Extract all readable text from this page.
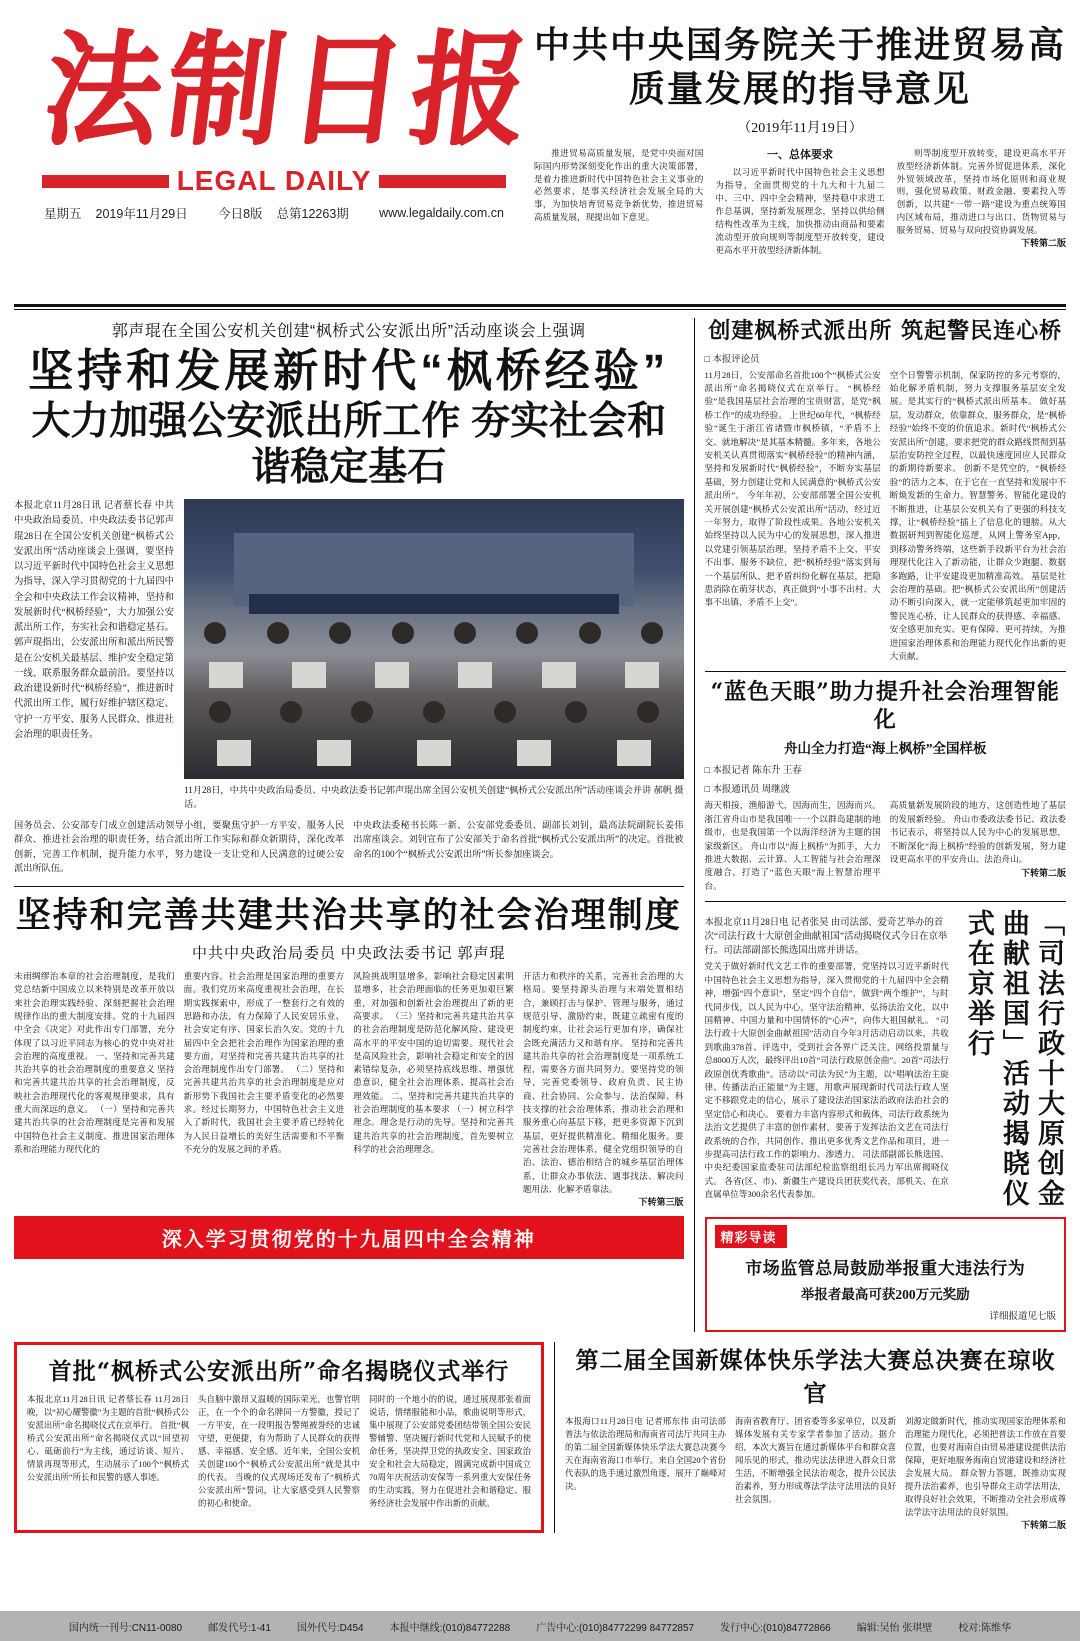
法制日报
LEGAL DAILY
星期五 2019年11月29日 今日8版 总第12263期 www.legaldaily.com.cn
中共中央国务院关于推进贸易高质量发展的指导意见
（2019年11月19日）
推进贸易高质量发展，是党中央面对国际国内形势深刻变化作出的重大决策部署，是着力推进新时代中国特色社会主义事业的必然要求，是事关经济社会发展全局的大事，为加快培育贸易竞争新优势，推进贸易高质量发展，现提出如下意见。
一、总体要求
以习近平新时代中国特色社会主义思想为指导，全面贯彻党的十九大和十九届二中、三中、四中全会精神，坚持稳中求进工作总基调，坚持新发展理念，坚持以供给侧结构性改革为主线，加快推动由商品和要素流动型开放向规则等制度型开放转变，建设更高水平开放型经济新体制。
则等制度型开放转变，建设更高水平开放型经济新体制。完善外贸促进体系，深化外贸领域改革，坚持市场化原则和商业规则，强化贸易政策、财政金融、要素投入等创新，以共建“一带一路”建设为重点统筹国内区域布局，推动进口与出口、货物贸易与服务贸易、贸易与双向投资协调发展。
下转第二版
郭声琨在全国公安机关创建“枫桥式公安派出所”活动座谈会上强调
坚持和发展新时代“枫桥经验”
大力加强公安派出所工作 夯实社会和谐稳定基石
本报北京11月28日讯 记者蔡长春 中共中央政治局委员、中央政法委书记郭声琨28日在全国公安机关创建“枫桥式公安派出所”活动座谈会上强调，要坚持以习近平新时代中国特色社会主义思想为指导，深入学习贯彻党的十九届四中全会和中央政法工作会议精神，坚持和发展新时代“枫桥经验”，大力加强公安派出所工作，夯实社会和谐稳定基石。 郭声琨指出，公安派出所和派出所民警是在公安机关最基层、维护安全稳定第一线、联系服务群众最前沿。要坚持以政治建设新时代“枫桥经验”，推进新时代派出所工作，履行好维护辖区稳定、守护一方平安、服务人民群众、推进社会治理的职责任务。
郝帆 摄
11月28日，中共中央政治局委员、中央政法委书记郭声琨出席全国公安机关创建“枫桥式公安派出所”活动座谈会并讲话。
国务员会、公安部专门成立创建活动领导小组，要聚焦守护一方平安、服务人民群众、推进社会治理的职责任务，结合派出所工作实际和群众新期待，深化改革创新，完善工作机制，提升能力水平，努力建设一支让党和人民满意的过硬公安派出所队伍。
中央政法委秘书长陈一新、公安部党委委员、副部长刘钊，最高法院副院长姜伟出席座谈会。刘钊宣布了公安部关于命名首批“枫桥式公安派出所”的决定。首批被命名的100个“枫桥式公安派出所”所长参加座谈会。
坚持和完善共建共治共享的社会治理制度
中共中央政治局委员 中央政法委书记 郭声琨
未雨绸缪治本章的社会治理制度，是我们党总结新中国成立以来特别是改革开放以来社会治理实践经验、深刻把握社会治理规律作出的重大制度安排。党的十九届四中全会《决定》对此作出专门部署，充分体现了以习近平同志为核心的党中央对社会治理的高度重视。 一、坚持和完善共建共治共享的社会治理制度的重要意义 坚持和完善共建共治共享的社会治理制度，反映社会治理现代化的客观规律要求，具有重大而深远的意义。 （一）坚持和完善共建共治共享的社会治理制度是完善和发展中国特色社会主义制度、推进国家治理体系和治理能力现代化的
重要内容。社会治理是国家治理的重要方面。我们党历来高度重视社会治理，在长期实践探索中，形成了一整套行之有效的思路和办法，有力保障了人民安居乐业、社会安定有序、国家长治久安。党的十九届四中全会把社会治理作为国家治理的重要方面，对坚持和完善共建共治共享的社会治理制度作出专门部署。 （二）坚持和完善共建共治共享的社会治理制度是应对新形势下我国社会主要矛盾变化的必然要求。经过长期努力，中国特色社会主义进入了新时代，我国社会主要矛盾已经转化为人民日益增长的美好生活需要和不平衡不充分的发展之间的矛盾。
风险挑战明显增多，影响社会稳定因素明显增多，社会治理面临的任务更加艰巨繁重，对加强和创新社会治理提出了新的更高要求。 （三）坚持和完善共建共治共享的社会治理制度是防范化解风险、建设更高水平的平安中国的迫切需要。现代社会是高风险社会，影响社会稳定和安全的因素错综复杂，必须坚持底线思维、增强忧患意识，健全社会治理体系、提高社会治理效能。 二、坚持和完善共建共治共享的社会治理制度的基本要求 （一）树立科学理念。理念是行动的先导。坚持和完善共建共治共享的社会治理制度，首先要树立科学的社会治理理念。
开活力和秩序的关系，完善社会治理的大格局。要坚持源头治理与末端处置相结合，兼顾打击与保护、管理与服务，通过规范引导、激励约束，既建立疏密有度的制度约束，让社会运行更加有序，确保社会既充满活力又和谐有序。 坚持和完善共建共治共享的社会治理制度是一项系统工程，需要各方面共同努力。要坚持党的领导，完善党委领导、政府负责、民主协商、社会协同、公众参与、法治保障、科技支撑的社会治理体系，推动社会治理和服务重心向基层下移，把更多资源下沉到基层，更好提供精准化、精细化服务。要完善社会治理体系，健全党组织领导的自治、法治、德治相结合的城乡基层治理体系，让群众办事依法、遇事找法、解决问题用法、化解矛盾靠法。
下转第三版
深入学习贯彻党的十九届四中全会精神
创建枫桥式派出所 筑起警民连心桥
□ 本报评论员
11月28日，公安部命名首批100个“枫桥式公安派出所”命名揭晓仪式在京举行。 “枫桥经验”是我国基层社会治理的宝贵财富，是党“枫桥工作”的成功经验。 上世纪60年代，“枫桥经验”诞生于浙江省诸暨市枫桥镇，“矛盾不上交、就地解决”是其基本精髓。多年来，各地公安机关认真贯彻落实“枫桥经验”的精神内涵，坚持和发展新时代“枫桥经验”，不断夯实基层基础，努力创建让党和人民满意的“枫桥式公安派出所”。 今年年初，公安部部署全国公安机关开展创建“枫桥式公安派出所”活动，经过近一年努力，取得了阶段性成果。各地公安机关始终坚持以人民为中心的发展思想，深入推进以党建引领基层治理，坚持矛盾不上交、平安不出事、服务不缺位，把“枫桥经验”落实到每一个基层所队，把矛盾纠纷化解在基层，把隐患消除在萌芽状态，真正做到“小事不出村、大事不出镇、矛盾不上交”。
空个日警警示机制，保家防控的多元考察的，始化解矛盾机制，努力支撑服务基层安全发展。是其实行的“枫桥式派出所基本。 做好基层，发动群众，依靠群众，服务群众，是“枫桥经验”始终不变的价值追求。新时代“枫桥式公安派出所”创建，要求把党的群众路线贯彻到基层治安防控全过程，以最快速度回应人民群众的新期待新要求。 创新不是凭空的，“枫桥经验”的活力之本，在于它在一直坚持和发展中不断焕发新的生命力。智慧警务、智能化建设的不断推进，让基层公安机关有了更强的科技支撑，让“枫桥经验”插上了信息化的翅膀。从大数据研判到智能化巡逻，从网上警务室App，到移动警务终端，这些新手段新平台为社会治理现代化注入了新动能，让群众少跑腿、数据多跑路，让平安建设更加精准高效。 基层是社会治理的基础。把“枫桥式公安派出所”创建活动不断引向深入，就一定能够筑起更加牢固的警民连心桥，让人民群众的获得感、幸福感、安全感更加充实、更有保障、更可持续，为推进国家治理体系和治理能力现代化作出新的更大贡献。
“蓝色天眼”助力提升社会治理智能化
舟山全力打造“海上枫桥”全国样板
□ 本报记者 陈东升 王春
□ 本报通讯员 周继波
海天相接，渔船游弋，因海而生，因海而兴。浙江省舟山市是我国唯一一个以群岛建制的地级市，也是我国第一个以海洋经济为主题的国家级新区。 舟山市以“海上枫桥”为抓手，大力推进大数据、云计算、人工智能与社会治理深度融合，打造了“蓝色天眼”海上智慧治理平台。
高质量新发展阶段的地方，这创造性地了基层的发展新经验。 舟山市委政法委书记、政法委书记表示，将坚持以人民为中心的发展思想，不断深化“海上枫桥”经验的创新发展，努力建设更高水平的平安舟山、法治舟山。
下转第二版
本报北京11月28日电 记者张昊 由司法部、爱奇艺举办的首次“司法行政十大原创金曲献祖国”活动揭晓仪式今日在京举行。司法部副部长熊选国出席并讲话。
党关于做好新时代文艺工作的重要部署，党坚持以习近平新时代中国特色社会主义思想为指导，深入贯彻党的十九届四中全会精神，增强“四个意识”，坚定“四个自信”，做到“两个维护”，与时代同步伐，以人民为中心，坚守法治精神，弘扬法治文化，以中国精神、中国力量和中国情怀的“心声”，向伟大祖国献礼。 “司法行政十大原创金曲献祖国”活动自今年3月活动启动以来，共收到歌曲378首、评选中，受到社会各界广泛关注，网络投票量与总8000万人次，最终评出10首“司法行政原创金曲”。20首“司法行政原创优秀歌曲”。活动以“司法为民”为主题，以“唱响法治主旋律、传播法治正能量”为主题，用歌声展现新时代司法行政人坚定不移跟党走的信心，展示了建设法治国家法治政府法治社会的坚定信心和决心。 要着力丰富内容形式和载体，司法行政系统为法治文艺提供了丰富的创作素材，要善于发挥法治文艺在司法行政系统的合作，共同创作、推出更多优秀文艺作品和项目，进一步提高司法行政工作的影响力、渗透力。 司法部副部长熊选国、中央纪委国家监委驻司法部纪检监察组组长冯力军出席揭晓仪式。 各省(区、市)、新疆生产建设兵团获奖代表，部机关、在京直属单位等300余名代表参加。	「司法行政十大原创金曲献祖国」活动揭晓仪式在京举行
精彩导读
市场监管总局鼓励举报重大违法行为
举报者最高可获200万元奖励
详细报道见七版
首批“枫桥式公安派出所”命名揭晓仪式举行
本报北京11月28日讯 记者蔡长春 11月28日晚，以“初心耀警徽”为主题的首批“枫桥式公安派出所”命名揭晓仪式在京举行。 首批“枫桥式公安派出所”命名揭晓仪式以“回望初心、砥砺前行”为主线，通过访谈、短片、情景再现等形式，生动展示了100个“枫桥式公安派出所”所长和民警的感人事迹。
头自脑中激昂又温暖的国际荣光，也警官明正，在一个个的命名牌同一方警徽，授记了一方平安，在一段明报告警绳被誉经的忠诚守望，更便捷，有为帮助了人民群众的获得感、幸福感、安全感。近年来，全国公安机关创建100个“枫桥式公安派出所”就是其中的代表。 当晚的仪式现场还发布了“枫桥式公安派出所”誓词，让大家感受到人民警察的初心和使命。
同时的一个地小的的说，通过展现那张着面说话，情绪服能和小品，歌曲说明等形式，集中展现了公安部党委团结带领全国公安民警辅警、坚决履行新时代党和人民赋予的使命任务，坚决捍卫党的执政安全、国家政治安全和社会大局稳定，圆满完成新中国成立70周年庆祝活动安保等一系列重大安保任务的生动实践，努力在促进社会和谐稳定、服务经济社会发展中作出新的贡献。
第二届全国新媒体快乐学法大赛总决赛在琼收官
本报海口11月28日电 记者邢东伟 由司法部普法与依法治理局和海南省司法厅共同主办的第二届全国新媒体快乐学法大赛总决赛今天在海南省海口市举行。来自全国20个省份代表队的选手通过激烈角逐，展开了巅峰对决。
海南省教育厅、团省委等多家单位，以及新媒体发展有关专家学者参加了活动。据介绍，本次大赛旨在通过新媒体平台和群众喜闻乐见的形式，推动宪法法律进入群众日常生活，不断增强全民法治观念，提升公民法治素养，努力形成尊法学法守法用法的良好社会氛围。
刘源定做新时代，推动实现国家治理体系和治理能力现代化，必须把普法工作放在首要位置，也要对海南自由贸易港建设提供法治保障，更好地服务海南自贸港建设和经济社会发展大局。 群众智力答题，既推动实现提升法治素养，也引导群众主动学法用法，取得良好社会效果，不断推动全社会形成尊法学法守法用法的良好氛围。
下转第二版
国内统一刊号:CN11-0080	邮发代号:1-41	国外代号:D454	本报中继线:(010)84772288	广告中心:(010)84772299 84772857	发行中心:(010)84772866	编辑:吴怡 张琪壁	校对:陈维华
